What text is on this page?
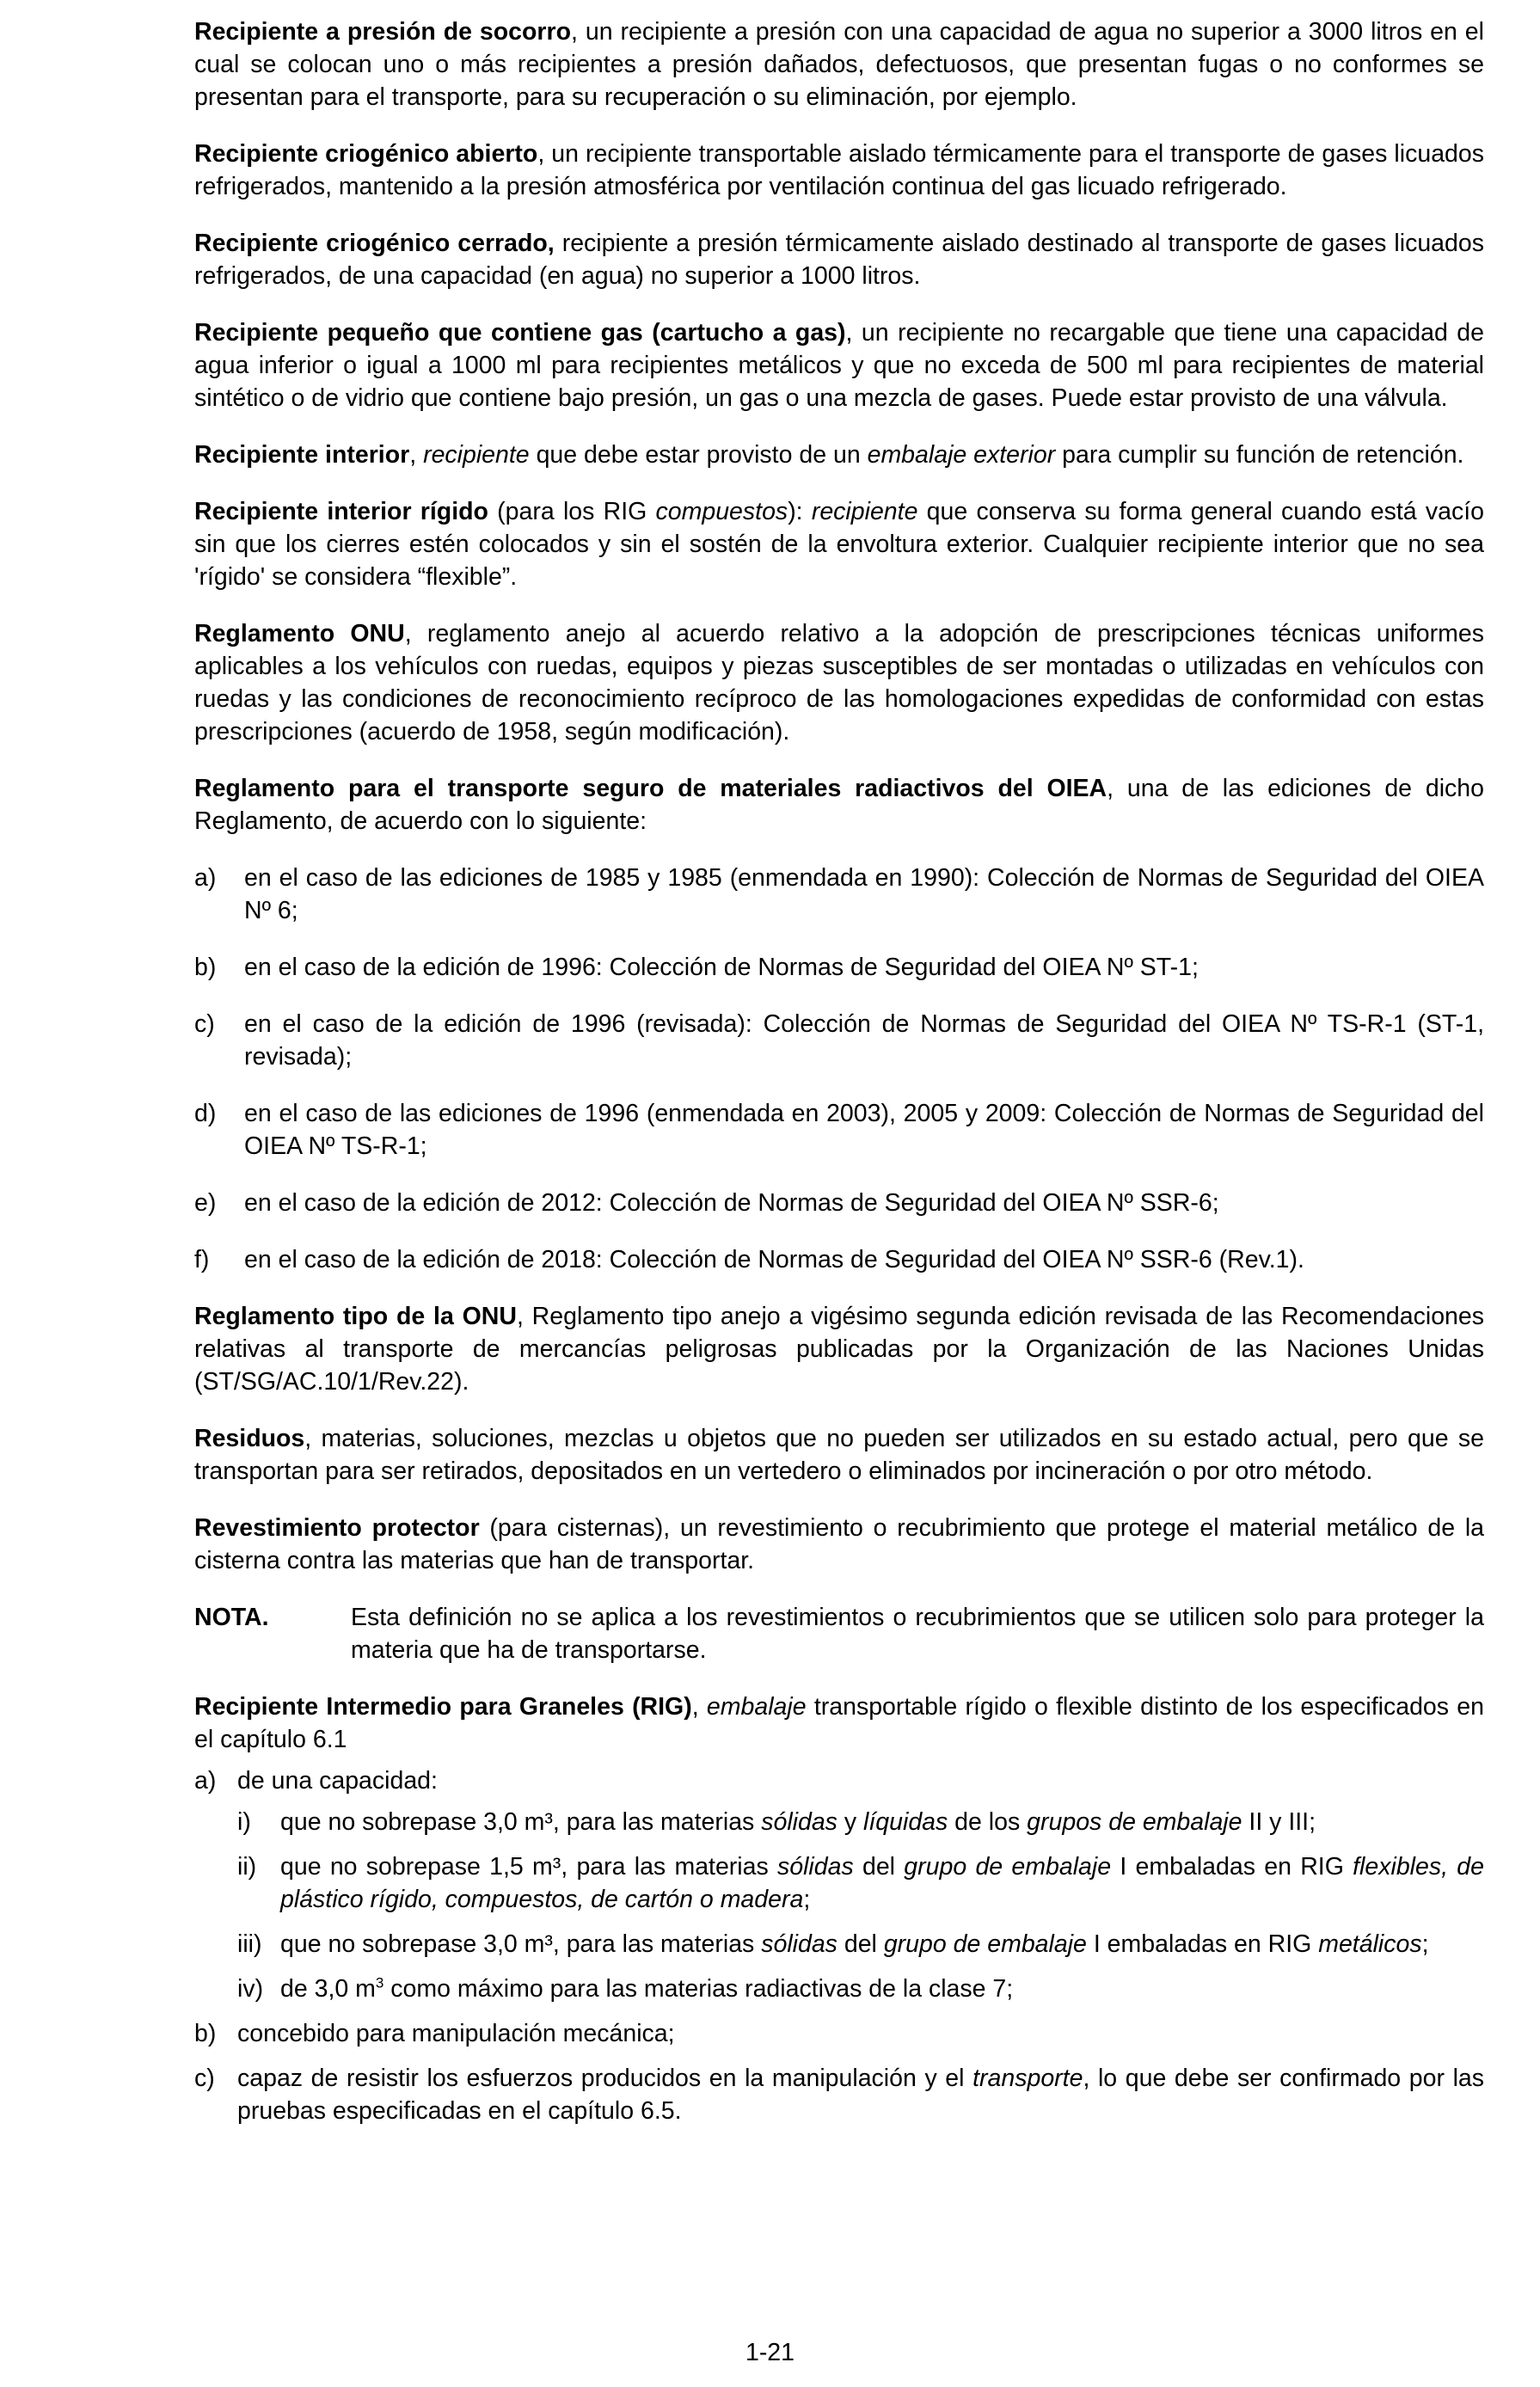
Recipiente a presión de socorro, un recipiente a presión con una capacidad de agua no superior a 3000 litros en el cual se colocan uno o más recipientes a presión dañados, defectuosos, que presentan fugas o no conformes se presentan para el transporte, para su recuperación o su eliminación, por ejemplo.

Recipiente criogénico abierto, un recipiente transportable aislado térmicamente para el transporte de gases licuados refrigerados, mantenido a la presión atmosférica por ventilación continua del gas licuado refrigerado.

Recipiente criogénico cerrado, recipiente a presión térmicamente aislado destinado al transporte de gases licuados refrigerados, de una capacidad (en agua) no superior a 1000 litros.

Recipiente pequeño que contiene gas (cartucho a gas), un recipiente no recargable que tiene una capacidad de agua inferior o igual a 1000 ml para recipientes metálicos y que no exceda de 500 ml para recipientes de material sintético o de vidrio que contiene bajo presión, un gas o una mezcla de gases. Puede estar provisto de una válvula.

Recipiente interior, recipiente que debe estar provisto de un embalaje exterior para cumplir su función de retención.

Recipiente interior rígido (para los RIG compuestos): recipiente que conserva su forma general cuando está vacío sin que los cierres estén colocados y sin el sostén de la envoltura exterior. Cualquier recipiente interior que no sea 'rígido' se considera “flexible”.

Reglamento ONU, reglamento anejo al acuerdo relativo a la adopción de prescripciones técnicas uniformes aplicables a los vehículos con ruedas, equipos y piezas susceptibles de ser montadas o utilizadas en vehículos con ruedas y las condiciones de reconocimiento recíproco de las homologaciones expedidas de conformidad con estas prescripciones (acuerdo de 1958, según modificación).

Reglamento para el transporte seguro de materiales radiactivos del OIEA, una de las ediciones de dicho Reglamento, de acuerdo con lo siguiente:

a) en el caso de las ediciones de 1985 y 1985 (enmendada en 1990): Colección de Normas de Seguridad del OIEA Nº 6;
b) en el caso de la edición de 1996: Colección de Normas de Seguridad del OIEA Nº ST-1;
c) en el caso de la edición de 1996 (revisada): Colección de Normas de Seguridad del OIEA Nº TS-R-1 (ST-1, revisada);
d) en el caso de las ediciones de 1996 (enmendada en 2003), 2005 y 2009: Colección de Normas de Seguridad del OIEA Nº TS-R-1;
e) en el caso de la edición de 2012: Colección de Normas de Seguridad del OIEA Nº SSR-6;
f) en el caso de la edición de 2018: Colección de Normas de Seguridad del OIEA Nº SSR-6 (Rev.1).

Reglamento tipo de la ONU, Reglamento tipo anejo a vigésimo segunda edición revisada de las Recomendaciones relativas al transporte de mercancías peligrosas publicadas por la Organización de las Naciones Unidas (ST/SG/AC.10/1/Rev.22).

Residuos, materias, soluciones, mezclas u objetos que no pueden ser utilizados en su estado actual, pero que se transportan para ser retirados, depositados en un vertedero o eliminados por incineración o por otro método.

Revestimiento protector (para cisternas), un revestimiento o recubrimiento que protege el material metálico de la cisterna contra las materias que han de transportar.

NOTA.	Esta definición no se aplica a los revestimientos o recubrimientos que se utilicen solo para proteger la materia que ha de transportarse.

Recipiente Intermedio para Graneles (RIG), embalaje transportable rígido o flexible distinto de los especificados en el capítulo 6.1

a) de una capacidad:
i) que no sobrepase 3,0 m³, para las materias sólidas y líquidas de los grupos de embalaje II y III;
ii) que no sobrepase 1,5 m³, para las materias sólidas del grupo de embalaje I embaladas en RIG flexibles, de plástico rígido, compuestos, de cartón o madera;
iii) que no sobrepase 3,0 m³, para las materias sólidas del grupo de embalaje I embaladas en RIG metálicos;
iv) de 3,0 $m^3$ como máximo para las materias radiactivas de la clase 7;
b) concebido para manipulación mecánica;
c) capaz de resistir los esfuerzos producidos en la manipulación y el transporte, lo que debe ser confirmado por las pruebas especificadas en el capítulo 6.5.
1-21
